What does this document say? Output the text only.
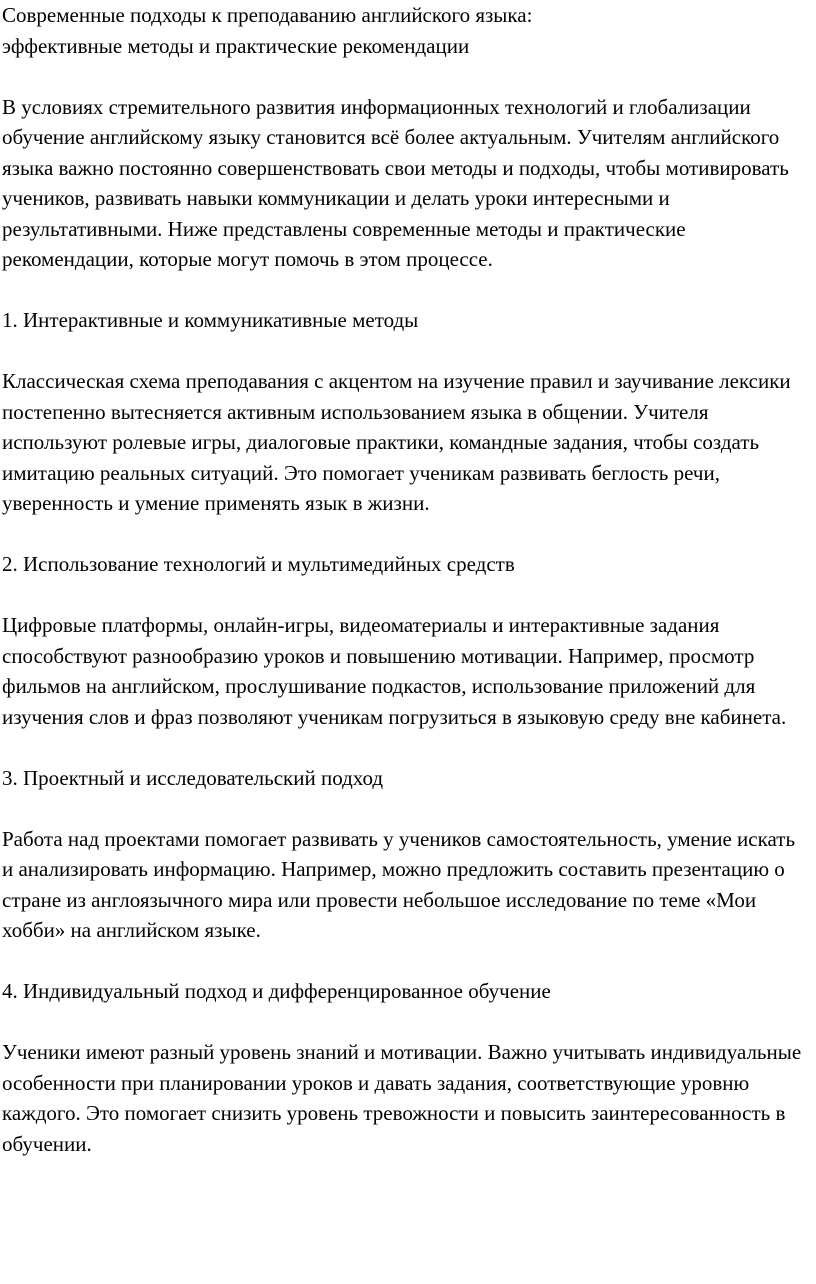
Современные подходы к преподаванию английского языка:
эффективные методы и практические рекомендации

В условиях стремительного развития информационных технологий и глобализации обучение английскому языку становится всё более актуальным. Учителям английского языка важно постоянно совершенствовать свои методы и подходы, чтобы мотивировать учеников, развивать навыки коммуникации и делать уроки интересными и результативными. Ниже представлены современные методы и практические рекомендации, которые могут помочь в этом процессе.

1. Интерактивные и коммуникативные методы

Классическая схема преподавания с акцентом на изучение правил и заучивание лексики постепенно вытесняется активным использованием языка в общении. Учителя используют ролевые игры, диалоговые практики, командные задания, чтобы создать имитацию реальных ситуаций. Это помогает ученикам развивать беглость речи, уверенность и умение применять язык в жизни.

2. Использование технологий и мультимедийных средств

Цифровые платформы, онлайн-игры, видеоматериалы и интерактивные задания способствуют разнообразию уроков и повышению мотивации. Например, просмотр фильмов на английском, прослушивание подкастов, использование приложений для изучения слов и фраз позволяют ученикам погрузиться в языковую среду вне кабинета.

3. Проектный и исследовательский подход

Работа над проектами помогает развивать у учеников самостоятельность, умение искать и анализировать информацию. Например, можно предложить составить презентацию о стране из англоязычного мира или провести небольшое исследование по теме «Мои хобби» на английском языке.

4. Индивидуальный подход и дифференцированное обучение

Ученики имеют разный уровень знаний и мотивации. Важно учитывать индивидуальные особенности при планировании уроков и давать задания, соответствующие уровню каждого. Это помогает снизить уровень тревожности и повысить заинтересованность в обучении.
